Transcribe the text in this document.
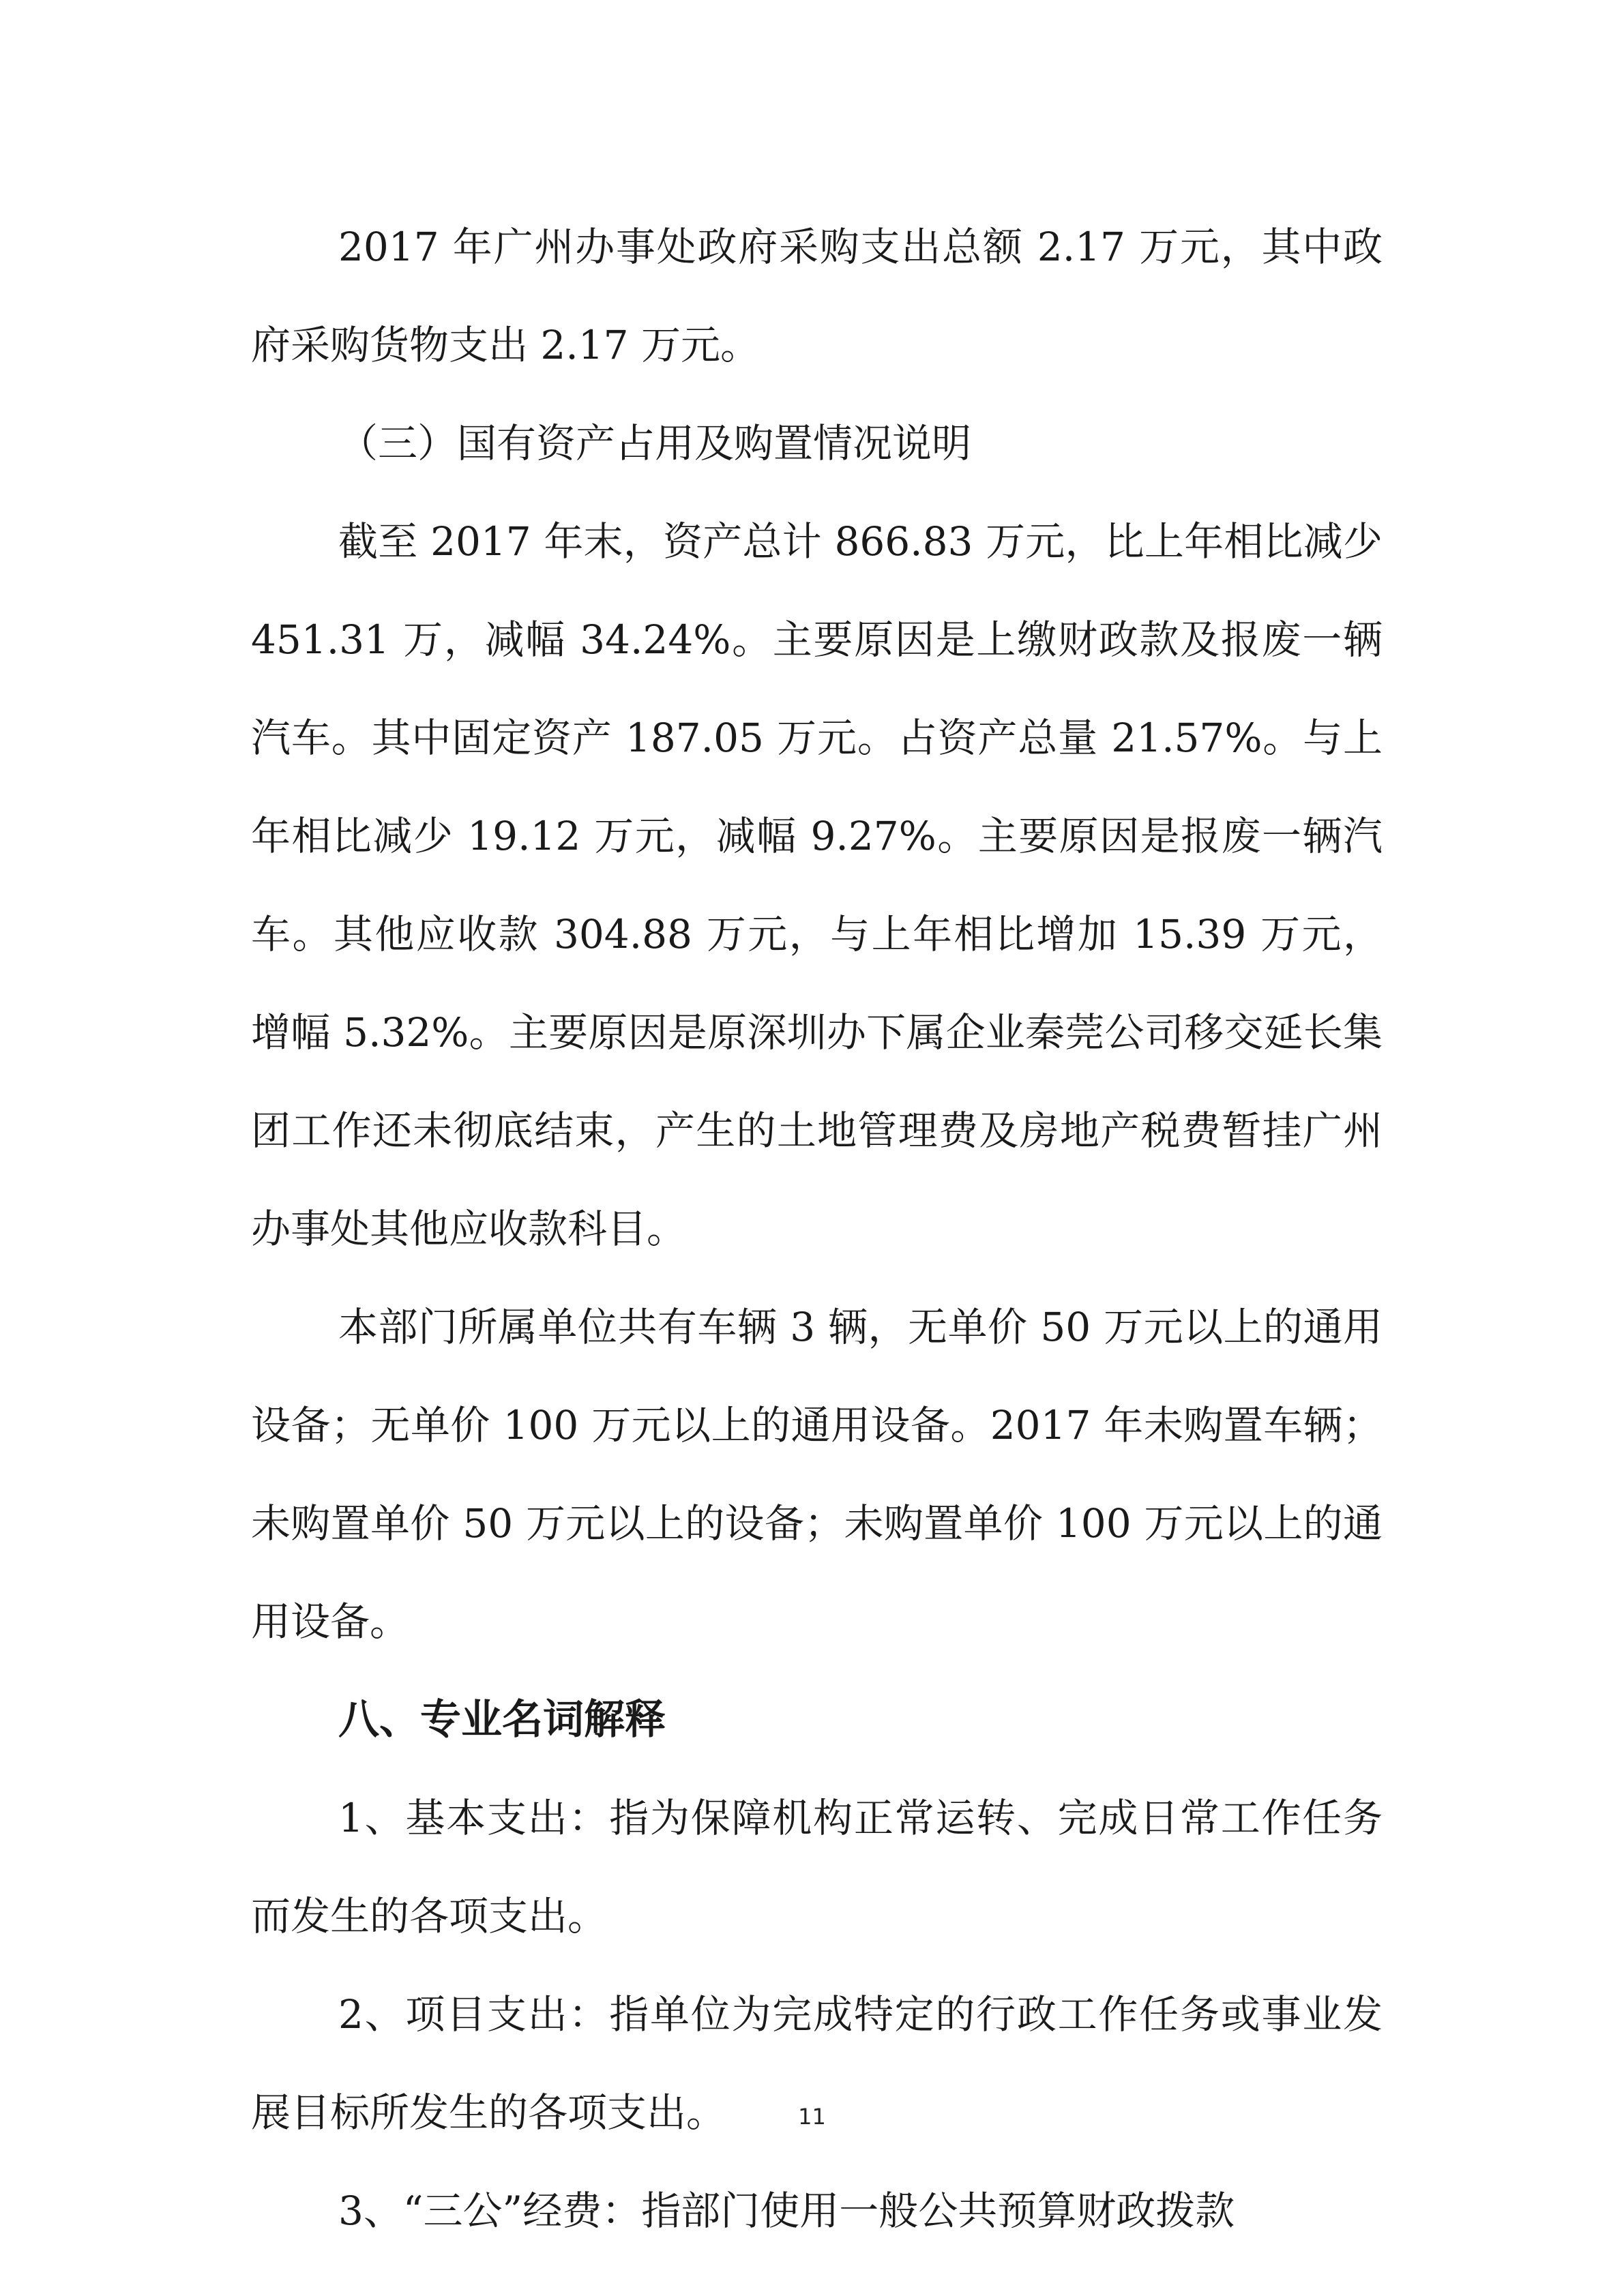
2017 年广州办事处政府采购支出总额 2.17 万元，其中政府采购货物支出 2.17 万元。

（三）国有资产占用及购置情况说明

截至 2017 年末，资产总计 866.83 万元，比上年相比减少 451.31 万，减幅 34.24%。主要原因是上缴财政款及报废一辆汽车。其中固定资产 187.05 万元。占资产总量 21.57%。与上年相比减少 19.12 万元，减幅 9.27%。主要原因是报废一辆汽车。其他应收款 304.88 万元，与上年相比增加 15.39 万元，增幅 5.32%。主要原因是原深圳办下属企业秦莞公司移交延长集团工作还未彻底结束，产生的土地管理费及房地产税费暂挂广州办事处其他应收款科目。

本部门所属单位共有车辆 3 辆，无单价 50 万元以上的通用设备；无单价 100 万元以上的通用设备。2017 年未购置车辆；未购置单价 50 万元以上的设备；未购置单价 100 万元以上的通用设备。

八、专业名词解释

1、基本支出：指为保障机构正常运转、完成日常工作任务而发生的各项支出。

2、项目支出：指单位为完成特定的行政工作任务或事业发展目标所发生的各项支出。

3、“三公”经费：指部门使用一般公共预算财政拨款

11
